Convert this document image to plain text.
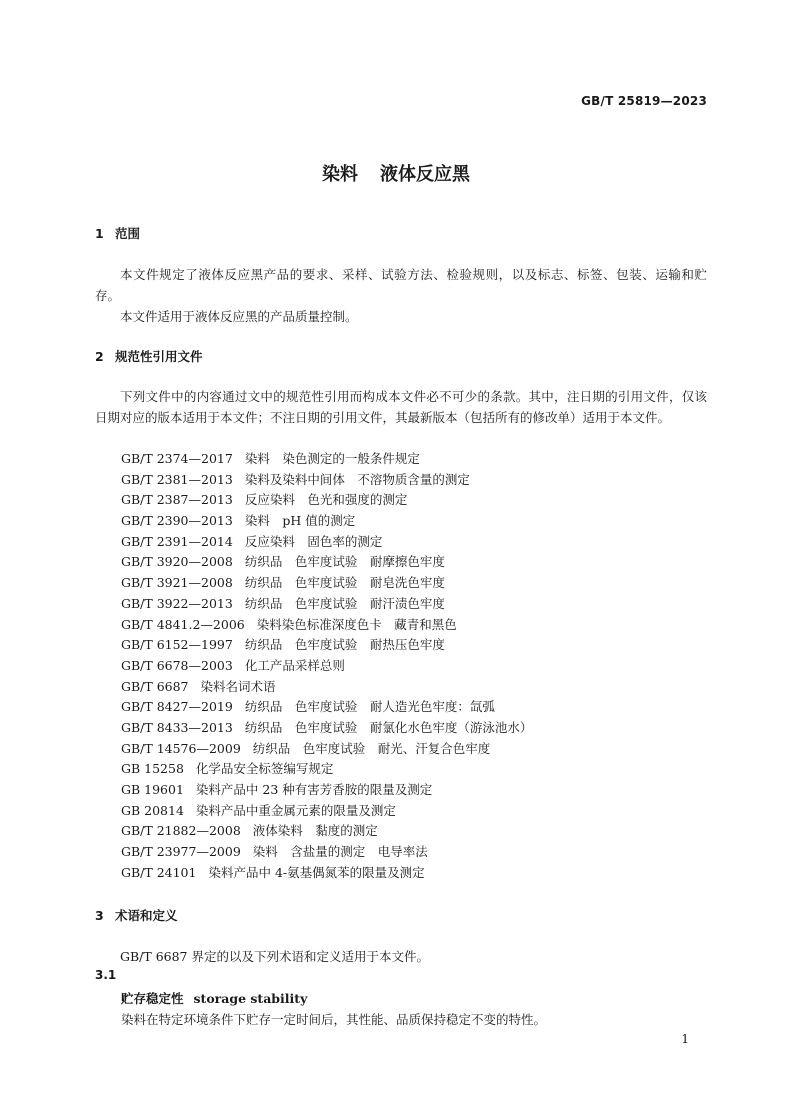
GB/T 25819—2023
染料 液体反应黑
1 范围
本文件规定了液体反应黑产品的要求、采样、试验方法、检验规则，以及标志、标签、包装、运输和贮存。
本文件适用于液体反应黑的产品质量控制。
2 规范性引用文件
下列文件中的内容通过文中的规范性引用而构成本文件必不可少的条款。其中，注日期的引用文件，仅该日期对应的版本适用于本文件；不注日期的引用文件，其最新版本（包括所有的修改单）适用于本文件。
GB/T 2374—2017 染料　染色测定的一般条件规定
GB/T 2381—2013 染料及染料中间体　不溶物质含量的测定
GB/T 2387—2013 反应染料　色光和强度的测定
GB/T 2390—2013 染料　pH 值的测定
GB/T 2391—2014 反应染料　固色率的测定
GB/T 3920—2008 纺织品　色牢度试验　耐摩擦色牢度
GB/T 3921—2008 纺织品　色牢度试验　耐皂洗色牢度
GB/T 3922—2013 纺织品　色牢度试验　耐汗渍色牢度
GB/T 4841.2—2006 染料染色标准深度色卡　藏青和黑色
GB/T 6152—1997 纺织品　色牢度试验　耐热压色牢度
GB/T 6678—2003 化工产品采样总则
GB/T 6687 染料名词术语
GB/T 8427—2019 纺织品　色牢度试验　耐人造光色牢度：氙弧
GB/T 8433—2013 纺织品　色牢度试验　耐氯化水色牢度（游泳池水）
GB/T 14576—2009 纺织品　色牢度试验　耐光、汗复合色牢度
GB 15258 化学品安全标签编写规定
GB 19601 染料产品中 23 种有害芳香胺的限量及测定
GB 20814 染料产品中重金属元素的限量及测定
GB/T 21882—2008 液体染料　黏度的测定
GB/T 23977—2009 染料　含盐量的测定　电导率法
GB/T 24101 染料产品中 4-氨基偶氮苯的限量及测定
3 术语和定义
GB/T 6687 界定的以及下列术语和定义适用于本文件。
3.1
贮存稳定性 storage stability
染料在特定环境条件下贮存一定时间后，其性能、品质保持稳定不变的特性。
1
